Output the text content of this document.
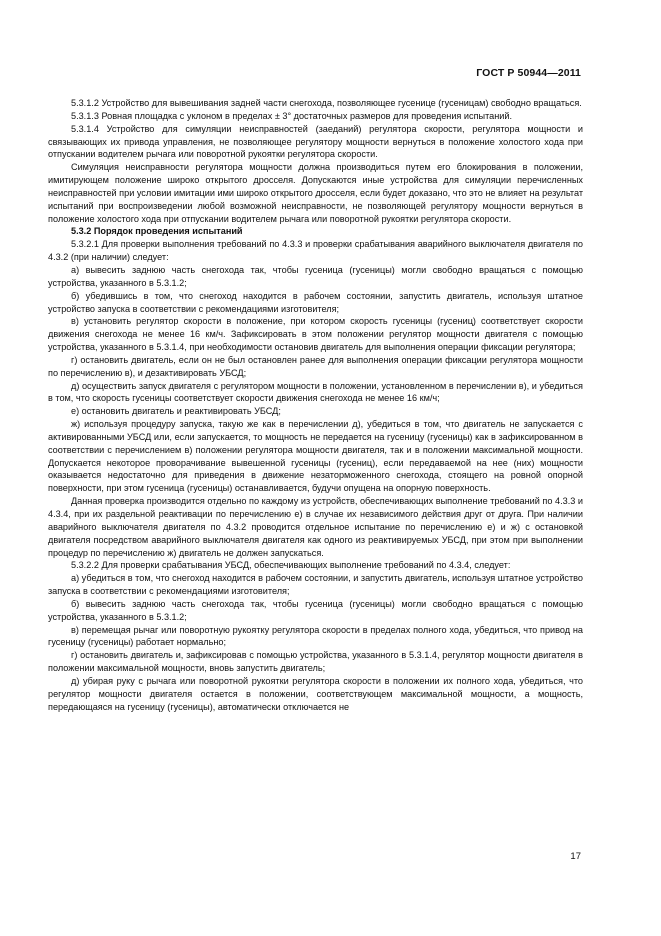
ГОСТ Р 50944—2011

5.3.1.2 Устройство для вывешивания задней части снегохода, позволяющее гусенице (гусеницам) свободно вращаться.

5.3.1.3 Ровная площадка с уклоном в пределах ± 3° достаточных размеров для проведения испытаний.

5.3.1.4 Устройство для симуляции неисправностей (заеданий) регулятора скорости, регулятора мощности и связывающих их привода управления, не позволяющее регулятору мощности вернуться в положение холостого хода при отпускании водителем рычага или поворотной рукоятки регулятора скорости.

Симуляция неисправности регулятора мощности должна производиться путем его блокирования в положении, имитирующем положение широко открытого дросселя. Допускаются иные устройства для симуляции перечисленных неисправностей при условии имитации ими широко открытого дросселя, если будет доказано, что это не влияет на результат испытаний при воспроизведении любой возможной неисправности, не позволяющей регулятору мощности вернуться в положение холостого хода при отпускании водителем рычага или поворотной рукоятки регулятора скорости.

5.3.2 Порядок проведения испытаний

5.3.2.1 Для проверки выполнения требований по 4.3.3 и проверки срабатывания аварийного выключателя двигателя по 4.3.2 (при наличии) следует:

а) вывесить заднюю часть снегохода так, чтобы гусеница (гусеницы) могли свободно вращаться с помощью устройства, указанного в 5.3.1.2;

б) убедившись в том, что снегоход находится в рабочем состоянии, запустить двигатель, используя штатное устройство запуска в соответствии с рекомендациями изготовителя;

в) установить регулятор скорости в положение, при котором скорость гусеницы (гусениц) соответствует скорости движения снегохода не менее 16 км/ч. Зафиксировать в этом положении регулятор мощности двигателя с помощью устройства, указанного в 5.3.1.4, при необходимости остановив двигатель для выполнения операции фиксации регулятора;

г) остановить двигатель, если он не был остановлен ранее для выполнения операции фиксации регулятора мощности по перечислению в), и дезактивировать УБСД;

д) осуществить запуск двигателя с регулятором мощности в положении, установленном в перечислении в), и убедиться в том, что скорость гусеницы соответствует скорости движения снегохода не менее 16 км/ч;

е) остановить двигатель и реактивировать УБСД;

ж) используя процедуру запуска, такую же как в перечислении д), убедиться в том, что двигатель не запускается с активированными УБСД или, если запускается, то мощность не передается на гусеницу (гусеницы) как в зафиксированном в соответствии с перечислением в) положении регулятора мощности двигателя, так и в положении максимальной мощности. Допускается некоторое проворачивание вывешенной гусеницы (гусениц), если передаваемой на нее (них) мощности оказывается недостаточно для приведения в движение незаторможенного снегохода, стоящего на ровной опорной поверхности, при этом гусеница (гусеницы) останавливается, будучи опущена на опорную поверхность.

Данная проверка производится отдельно по каждому из устройств, обеспечивающих выполнение требований по 4.3.3 и 4.3.4, при их раздельной реактивации по перечислению е) в случае их независимого действия друг от друга. При наличии аварийного выключателя двигателя по 4.3.2 проводится отдельное испытание по перечислению е) и ж) с остановкой двигателя посредством аварийного выключателя двигателя как одного из реактивируемых УБСД, при этом при выполнении процедур по перечислению ж) двигатель не должен запускаться.

5.3.2.2 Для проверки срабатывания УБСД, обеспечивающих выполнение требований по 4.3.4, следует:

а) убедиться в том, что снегоход находится в рабочем состоянии, и запустить двигатель, используя штатное устройство запуска в соответствии с рекомендациями изготовителя;

б) вывесить заднюю часть снегохода так, чтобы гусеница (гусеницы) могли свободно вращаться с помощью устройства, указанного в 5.3.1.2;

в) перемещая рычаг или поворотную рукоятку регулятора скорости в пределах полного хода, убедиться, что привод на гусеницу (гусеницы) работает нормально;

г) остановить двигатель и, зафиксировав с помощью устройства, указанного в 5.3.1.4, регулятор мощности двигателя в положении максимальной мощности, вновь запустить двигатель;

д) убирая руку с рычага или поворотной рукоятки регулятора скорости в положении их полного хода, убедиться, что регулятор мощности двигателя остается в положении, соответствующем максимальной мощности, а мощность, передающаяся на гусеницу (гусеницы), автоматически отключается не

17
